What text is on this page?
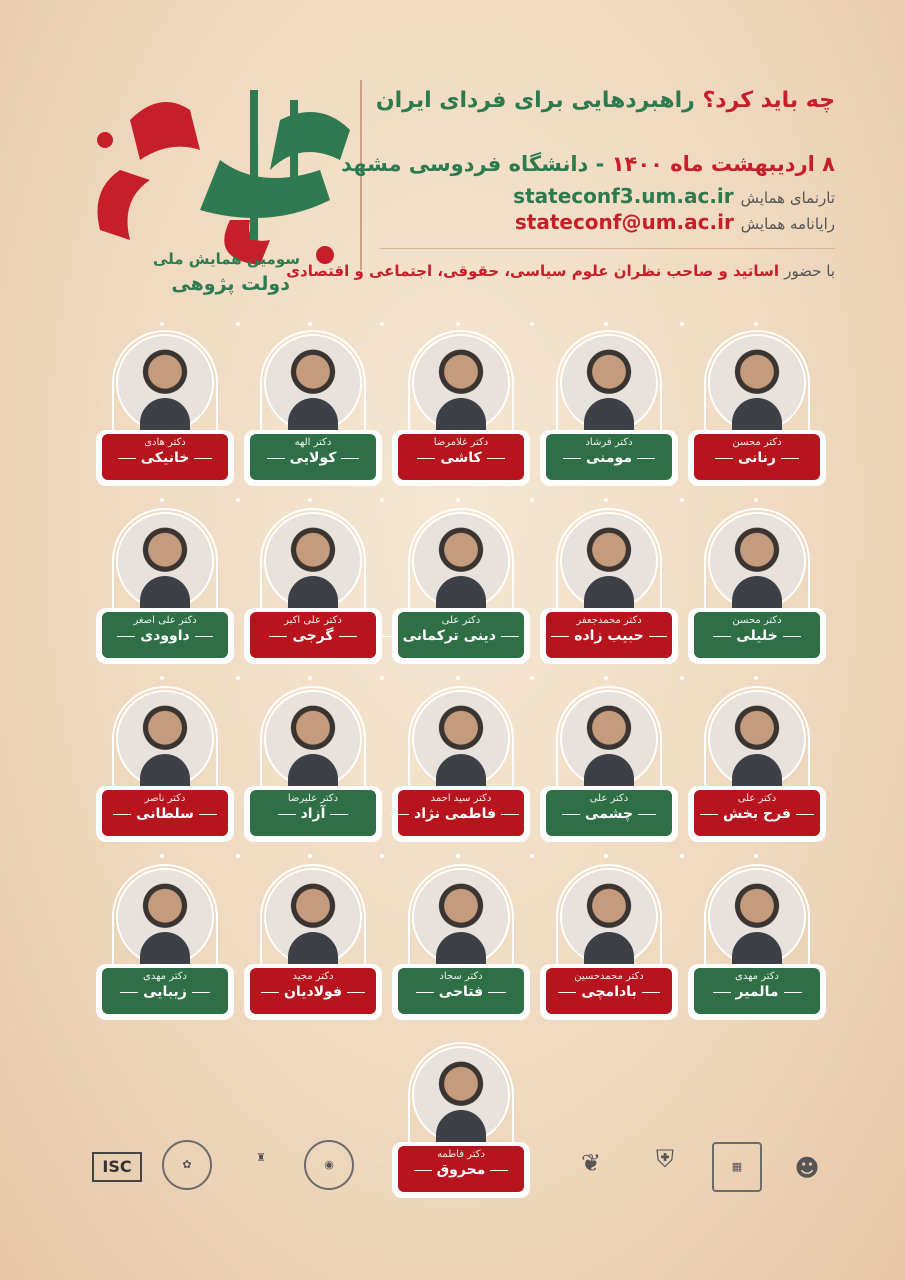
سومین همایش ملی
دولت پژوهی
چه باید کرد؟ راهبردهایی برای فردای ایران
۸ اردیبهشت ماه ۱۴۰۰ - دانشگاه فردوسی مشهد
تارنمای همایش stateconf3.um.ac.ir
رایانامه همایش stateconf@um.ac.ir
با حضور اساتید و صاحب نظران علوم سیاسی، حقوقی، اجتماعی و اقتصادی
دکتر محسن
رنانی
دکتر فرشاد
مومنی
دکتر غلامرضا
کاشی
دکتر الهه
کولایی
دکتر هادی
خانیکی
دکتر محسن
خلیلی
دکتر محمدجعفر
حبیب زاده
دکتر علی
دینی ترکمانی
دکتر علی اکبر
گرجی
دکتر علی اصغر
داوودی
دکتر علی
فرح بخش
دکتر علی
چشمی
دکتر سید احمد
فاطمی نژاد
دکتر علیرضا
آزاد
دکتر ناصر
سلطانی
دکتر مهدی
مالمیر
دکتر محمدحسین
بادامچی
دکتر سجاد
فتاحی
دکتر مجید
فولادیان
دکتر مهدی
زیبایی
دکتر فاطمه
محروق
ISC	✿
♜
◉	❦	⛨	▦	☻
